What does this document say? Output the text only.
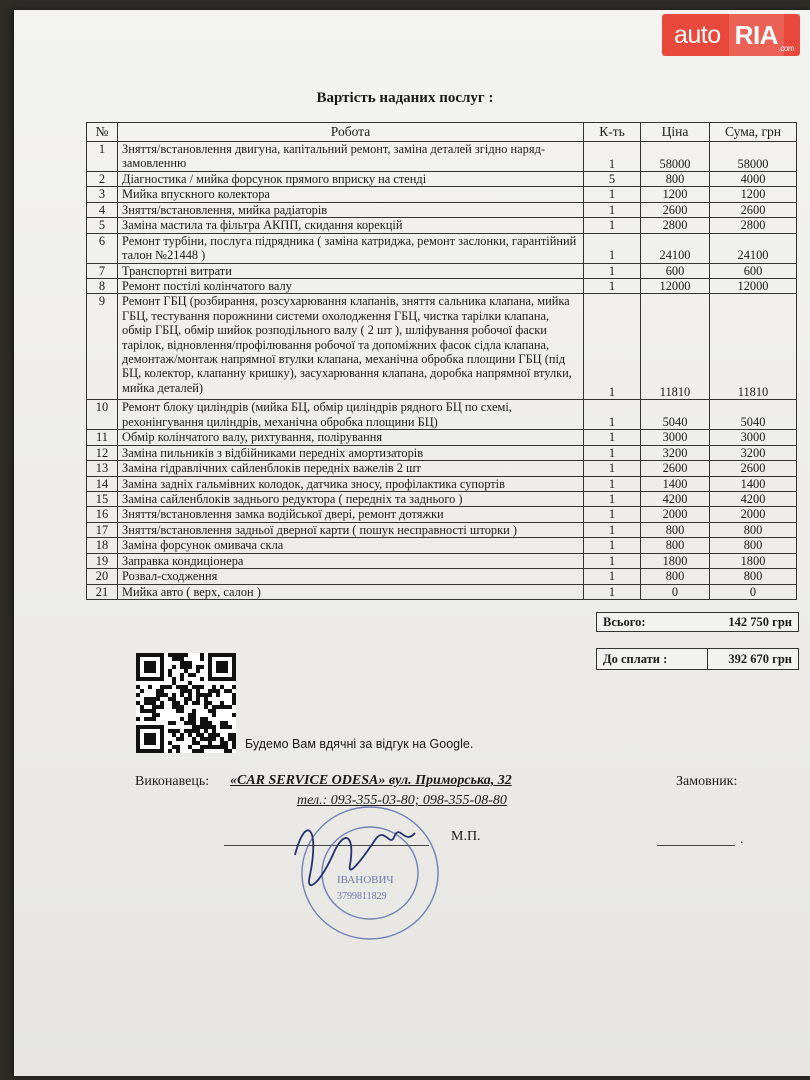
auto RIA .com
Вартість наданих послуг :
№	Робота	К-ть	Ціна	Сума, грн
1	Зняття/встановлення двигуна, капітальний ремонт, заміна деталей згідно наряд-замовленню	1	58000	58000
2	Діагностика / мийка форсунок прямого вприску на стенді	5	800	4000
3	Мийка впускного колектора	1	1200	1200
4	Зняття/встановлення, мийка радіаторів	1	2600	2600
5	Заміна мастила та фільтра АКПП, скидання корекцій	1	2800	2800
6	Ремонт турбіни, послуга підрядника ( заміна катриджа, ремонт заслонки, гарантійний талон №21448 )	1	24100	24100
7	Транспортні витрати	1	600	600
8	Ремонт постілі колінчатого валу	1	12000	12000
9	Ремонт ГБЦ (розбирання, розсухарювання клапанів, зняття сальника клапана, мийка ГБЦ, тестування порожнини системи охолодження ГБЦ, чистка тарілки клапана, обмір ГБЦ, обмір шийок розподільного валу ( 2 шт ), шліфування робочої фаски тарілок, відновлення/профілювання робочої та допоміжних фасок сідла клапана, демонтаж/монтаж напрямної втулки клапана, механічна обробка площини ГБЦ (під БЦ, колектор, клапанну кришку), засухарювання клапана, доробка напрямної втулки, мийка деталей)	1	11810	11810
10	Ремонт блоку циліндрів (мийка БЦ, обмір циліндрів рядного БЦ по схемі, рехонінгування циліндрів, механічна обробка площини БЦ)	1	5040	5040
11	Обмір колінчатого валу, рихтування, полірування	1	3000	3000
12	Заміна пильників з відбійниками передніх амортизаторів	1	3200	3200
13	Заміна гідравлічних сайленблоків передніх важелів 2 шт	1	2600	2600
14	Заміна задніх гальмівних колодок, датчика зносу, профілактика супортів	1	1400	1400
15	Заміна сайленблоків заднього редуктора ( передніх та заднього )	1	4200	4200
16	Зняття/встановлення замка водійської двері, ремонт дотяжки	1	2000	2000
17	Зняття/встановлення задньої дверної карти ( пошук несправності шторки )	1	800	800
18	Заміна форсунок омивача скла	1	800	800
19	Заправка кондиціонера	1	1800	1800
20	Розвал-сходження	1	800	800
21	Мийка авто ( верх, салон )	1	0	0
Всього:	142 750 грн
До сплати :	392 670 грн
Будемо Вам вдячні за відгук на Google.
Виконавець: «CAR SERVICE ODESA» вул. Приморська, 32	Замовник:
тел.: 093-355-03-80; 098-355-08-80
М.П.	.
ІВАНОВИЧ
3799811829
